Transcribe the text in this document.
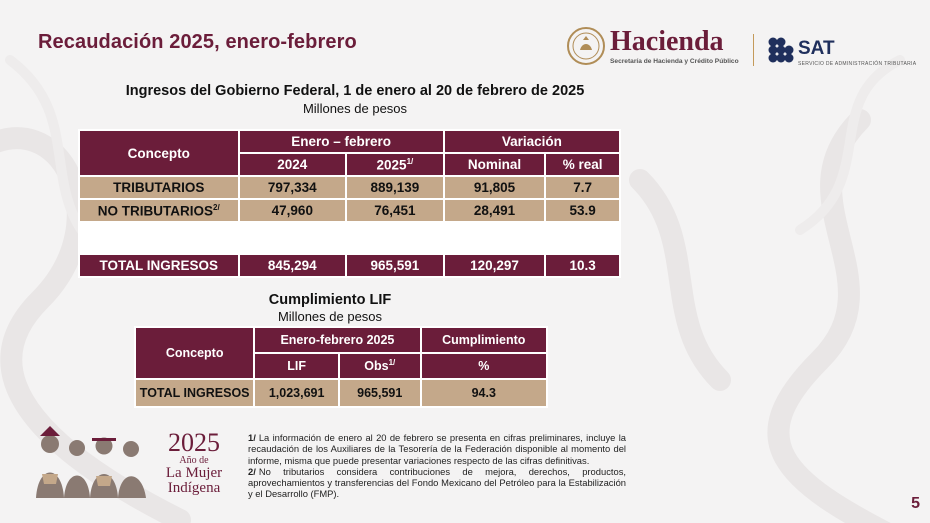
Recaudación 2025, enero-febrero	Hacienda
Secretaría de Hacienda y Crédito Público
SAT
SERVICIO DE ADMINISTRACIÓN TRIBUTARIA
Ingresos del Gobierno Federal, 1 de enero al 20 de febrero de 2025
Millones de pesos
Concepto	Enero – febrero		Variación	
	2024	$2025^{1/}$	Nominal	% real
TRIBUTARIOS	797,334	889,139	91,805	7.7
NO $TRIBUTARIOS^{2/}$	47,960	76,451	28,491	53.9

TOTAL INGRESOS	845,294	965,591	120,297	10.3
Cumplimiento LIF
Millones de pesos
Concepto	Enero-febrero 2025		Cumplimiento
	LIF	Obs$^{1/}$	%
TOTAL INGRESOS	1,023,691	965,591	94.3
2025
Año de
La Mujer
Indígena

1/ La información de enero al 20 de febrero se presenta en cifras preliminares, incluye la recaudación de los Auxiliares de la Tesorería de la Federación disponible al momento del informe, misma que puede presentar variaciones respecto de las cifras definitivas.

2/ No tributarios considera contribuciones de mejora, derechos, productos, aprovechamientos y transferencias del Fondo Mexicano del Petróleo para la Estabilización y el Desarrollo (FMP).

5
